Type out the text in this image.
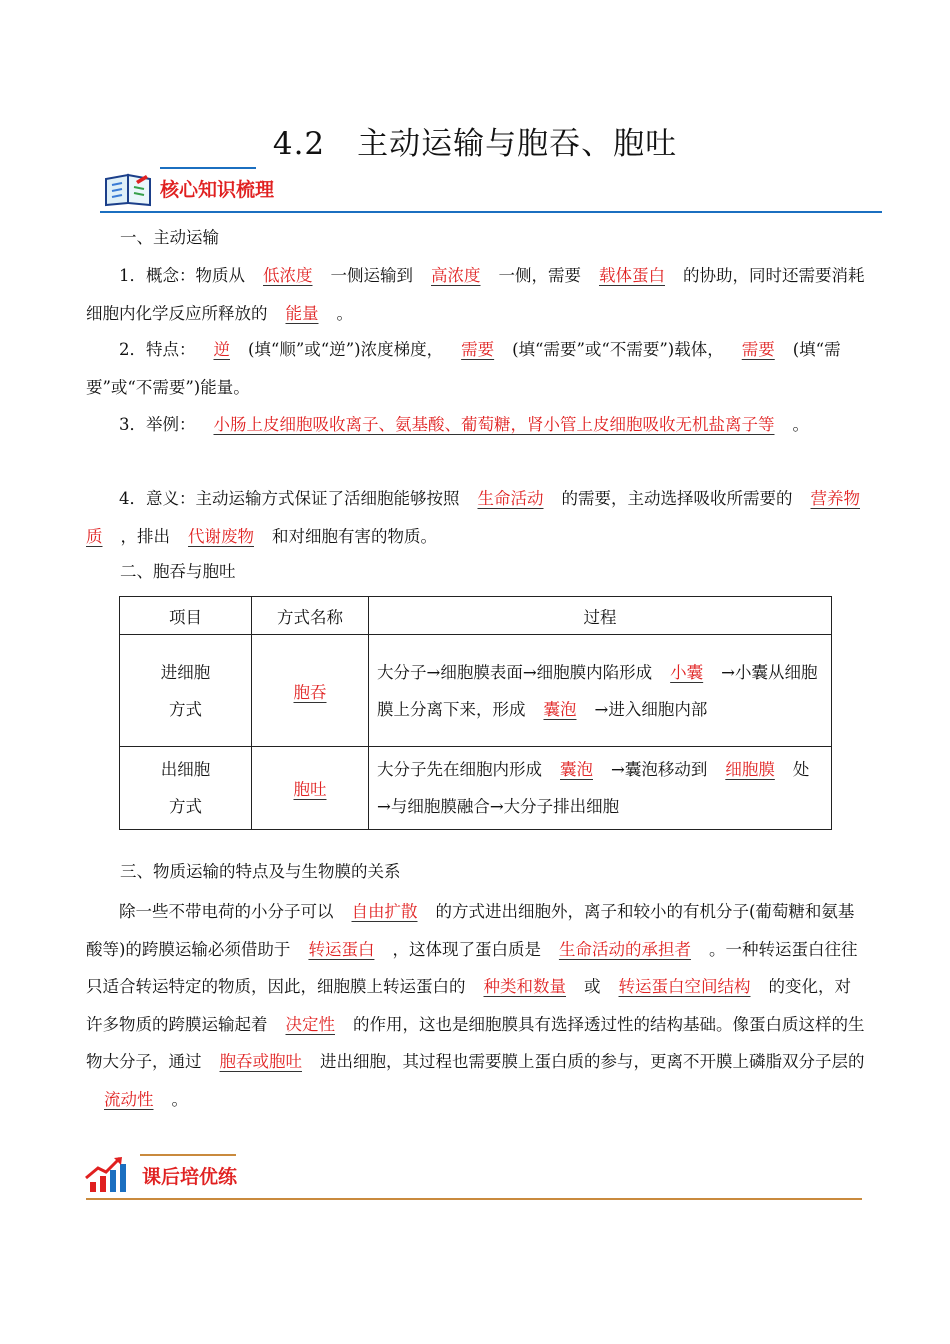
4.2　主动运输与胞吞、胞吐
核心知识梳理
一、主动运输
1．概念：物质从 低浓度 一侧运输到 高浓度 一侧，需要 载体蛋白 的协助，同时还需要消耗细胞内化学反应所释放的 能量 。
2．特点： 逆 (填“顺”或“逆”)浓度梯度， 需要 (填“需要”或“不需要”)载体， 需要 (填“需要”或“不需要”)能量。
3．举例： 小肠上皮细胞吸收离子、氨基酸、葡萄糖，肾小管上皮细胞吸收无机盐离子等 。
4．意义：主动运输方式保证了活细胞能够按照 生命活动 的需要，主动选择吸收所需要的 营养物质 ，排出 代谢废物 和对细胞有害的物质。
二、胞吞与胞吐
项目	方式名称	过程
进细胞
方式	胞吞	大分子→细胞膜表面→细胞膜内陷形成 小囊 →小囊从细胞膜上分离下来，形成 囊泡 →进入细胞内部
出细胞
方式	胞吐	大分子先在细胞内形成 囊泡 →囊泡移动到 细胞膜 处→与细胞膜融合→大分子排出细胞
三、物质运输的特点及与生物膜的关系
除一些不带电荷的小分子可以 自由扩散 的方式进出细胞外，离子和较小的有机分子(葡萄糖和氨基酸等)的跨膜运输必须借助于 转运蛋白 ，这体现了蛋白质是 生命活动的承担者 。一种转运蛋白往往只适合转运特定的物质，因此，细胞膜上转运蛋白的 种类和数量 或 转运蛋白空间结构 的变化，对许多物质的跨膜运输起着 决定性 的作用，这也是细胞膜具有选择透过性的结构基础。像蛋白质这样的生物大分子，通过 胞吞或胞吐 进出细胞，其过程也需要膜上蛋白质的参与，更离不开膜上磷脂双分子层的流动性 。
课后培优练
